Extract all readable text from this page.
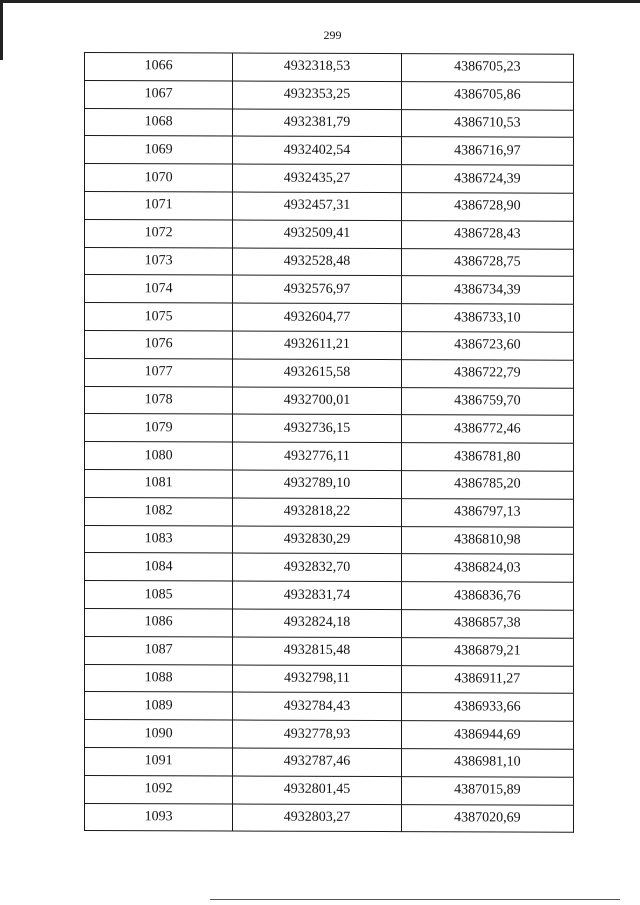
299
1066	4932318,53	4386705,23
1067	4932353,25	4386705,86
1068	4932381,79	4386710,53
1069	4932402,54	4386716,97
1070	4932435,27	4386724,39
1071	4932457,31	4386728,90
1072	4932509,41	4386728,43
1073	4932528,48	4386728,75
1074	4932576,97	4386734,39
1075	4932604,77	4386733,10
1076	4932611,21	4386723,60
1077	4932615,58	4386722,79
1078	4932700,01	4386759,70
1079	4932736,15	4386772,46
1080	4932776,11	4386781,80
1081	4932789,10	4386785,20
1082	4932818,22	4386797,13
1083	4932830,29	4386810,98
1084	4932832,70	4386824,03
1085	4932831,74	4386836,76
1086	4932824,18	4386857,38
1087	4932815,48	4386879,21
1088	4932798,11	4386911,27
1089	4932784,43	4386933,66
1090	4932778,93	4386944,69
1091	4932787,46	4386981,10
1092	4932801,45	4387015,89
1093	4932803,27	4387020,69
